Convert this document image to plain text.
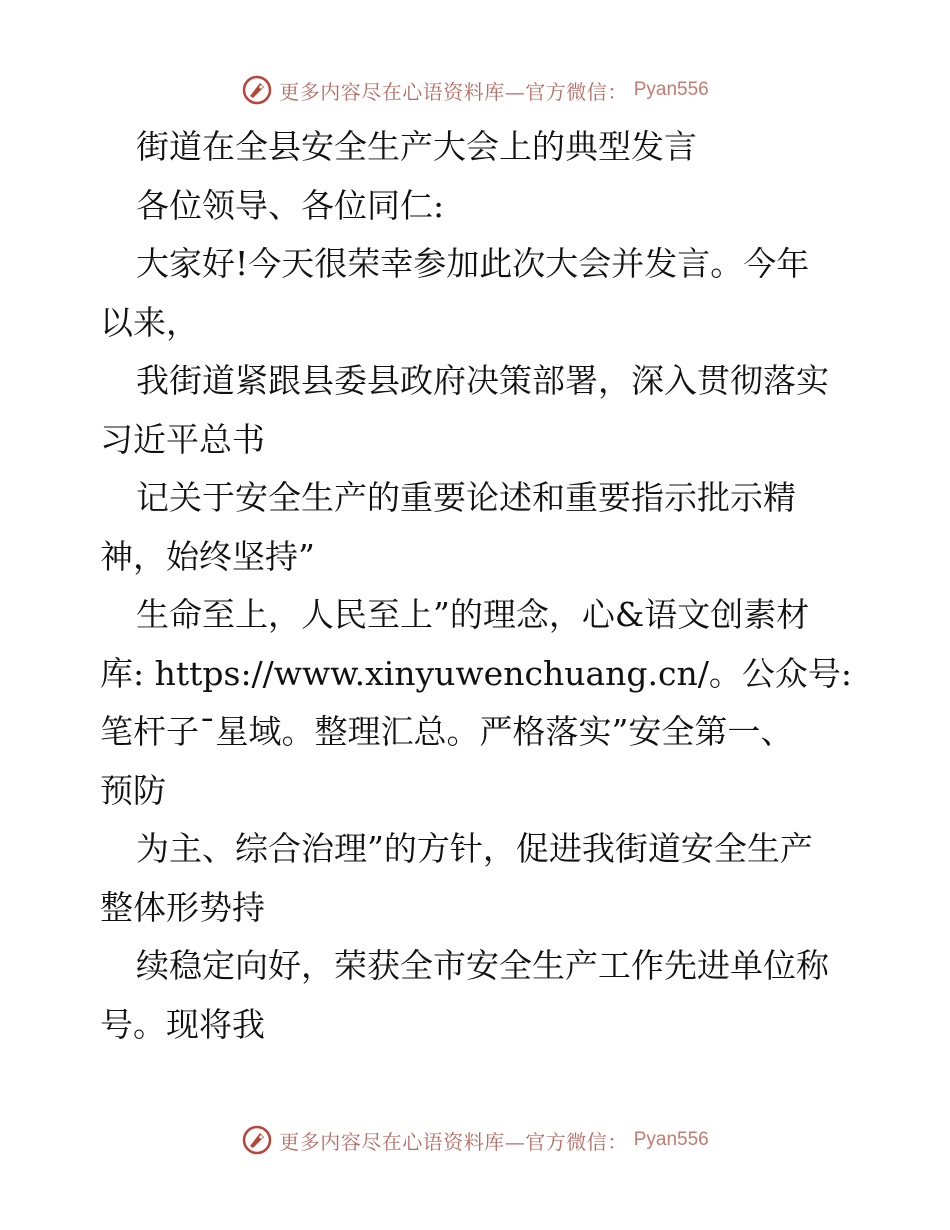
更多内容尽在心语资料库—官方微信： Pyan556

街道在全县安全生产大会上的典型发言

各位领导、各位同仁:

大家好!今天很荣幸参加此次大会并发言。今年
以来，

我街道紧跟县委县政府决策部署，深入贯彻落实
习近平总书

记关于安全生产的重要论述和重要指示批示精
神，始终坚持”

生命至上，人民至上”的理念，心&语文创素材
库: https://www.xinyuwenchuang.cn/。公众号:
笔杆子¯星域。整理汇总。严格落实”安全第一、
预防

为主、综合治理”的方针，促进我街道安全生产
整体形势持

续稳定向好，荣获全市安全生产工作先进单位称
号。现将我

更多内容尽在心语资料库—官方微信： Pyan556
